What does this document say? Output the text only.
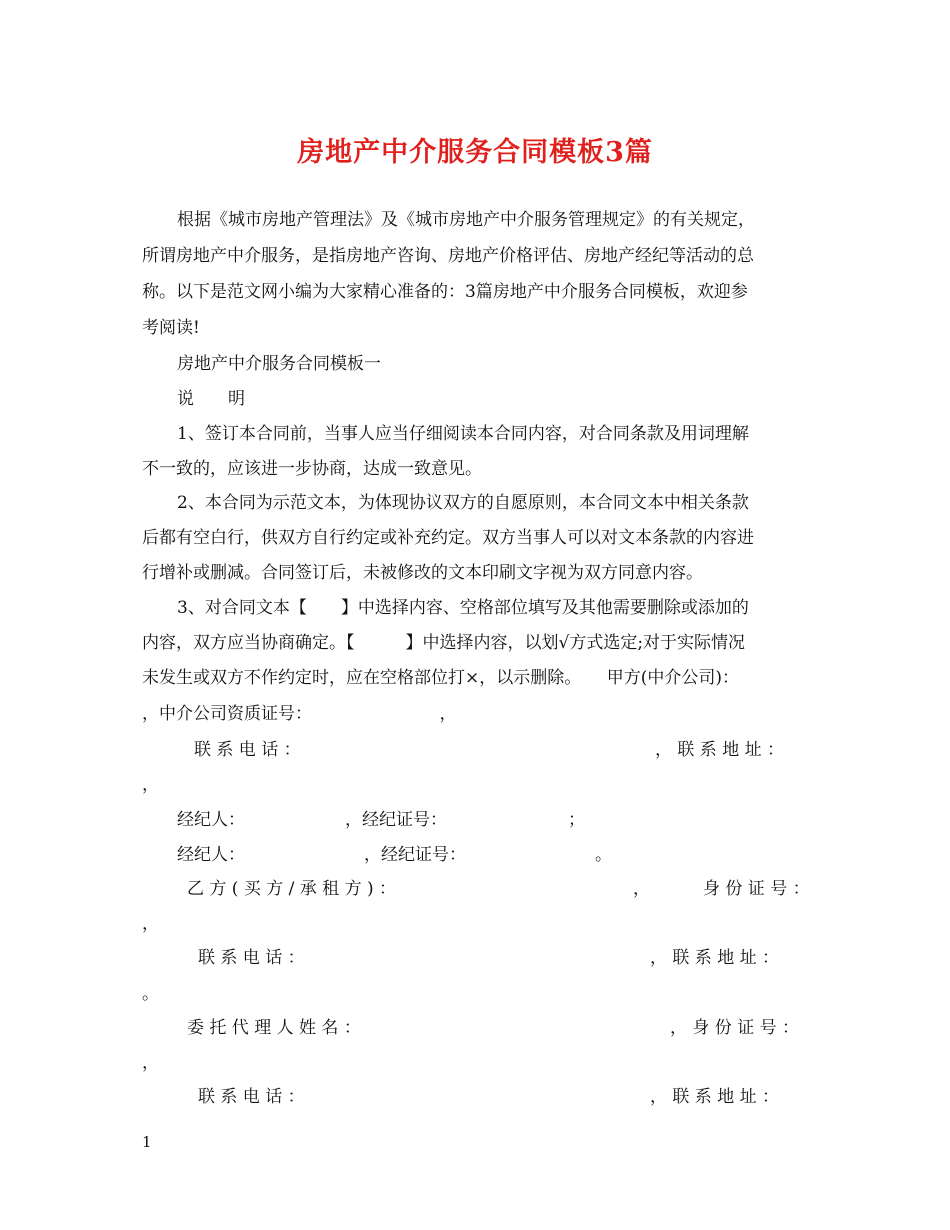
房地产中介服务合同模板3篇
根据《城市房地产管理法》及《城市房地产中介服务管理规定》的有关规定，
所谓房地产中介服务，是指房地产咨询、房地产价格评估、房地产经纪等活动的总
称。以下是范文网小编为大家精心准备的：3篇房地产中介服务合同模板，欢迎参
考阅读!
房地产中介服务合同模板一
说　　明
1、签订本合同前，当事人应当仔细阅读本合同内容，对合同条款及用词理解
不一致的，应该进一步协商，达成一致意见。
2、本合同为示范文本，为体现协议双方的自愿原则，本合同文本中相关条款
后都有空白行，供双方自行约定或补充约定。双方当事人可以对文本条款的内容进
行增补或删减。合同签订后，未被修改的文本印刷文字视为双方同意内容。
3、对合同文本【　　】中选择内容、空格部位填写及其他需要删除或添加的
内容，双方应当协商确定。【　　　】中选择内容，以划√方式选定;对于实际情况
未发生或双方不作约定时，应在空格部位打×，以示删除。　　甲方(中介公司)：
，中介公司资质证号：　　　　　　　　，
联 系 电 话 ：	， 联 系 地 址 ：
，
经纪人：	，经纪证号：	；
经纪人：	，经纪证号：	。
乙 方 ( 买 方 / 承 租 方 ) ：	，	身 份 证 号 ：
，
联 系 电 话 ：	， 联 系 地 址 ：
。
委 托 代 理 人 姓 名 ：	， 身 份 证 号 ：
，
联 系 电 话 ：	， 联 系 地 址 ：
1
